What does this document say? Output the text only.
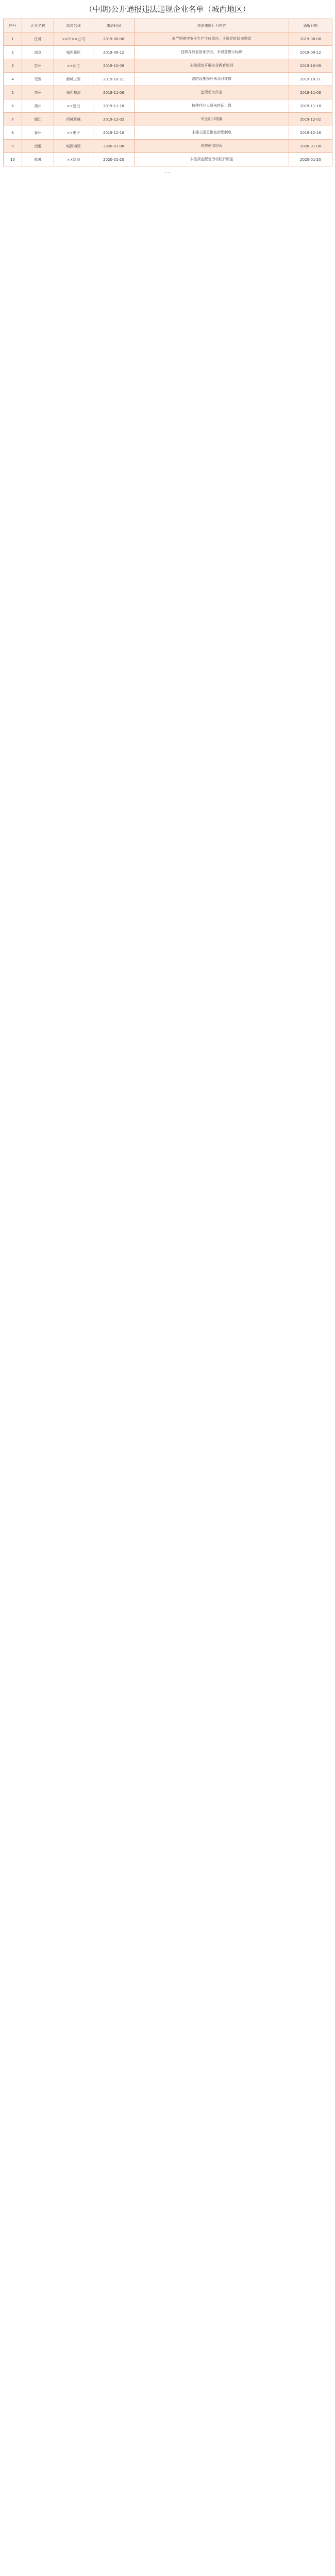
（中期)公开通报违法违规企业名单（城西地区）
序号	企业名称	单位名称	违法时间	违法违规行为内容	通报日期
1	江苏	××市××公司	2019-08-08	未严格落实安全生产主体责任，于规定时间未整改	2019-08-08
2	南京	城西新区	2019-09-12	违规存放危险化学品，未设置警示标识	2019-09-12
3	苏州	××化工	2019-10-09	未按规定开展安全教育培训	2019-10-09
4	无锡	新城工贸	2019-10-21	消防设施损坏未及时维修	2019-10-21
5	常州	城西物流	2019-11-06	违规动火作业	2019-11-06
6	扬州	××建设	2019-11-18	特种作业人员未持证上岗	2019-11-18
7	镇江	西城机械	2019-12-02	安全出口堵塞	2019-12-02
8	泰州	××电子	2019-12-16	未建立隐患排查治理制度	2019-12-16
9	南通	城西商贸	2020-01-08	违规使用明火	2020-01-08
10	盐城	××纺织	2020-01-20	未按规定配备劳动防护用品	2020-01-20
……
